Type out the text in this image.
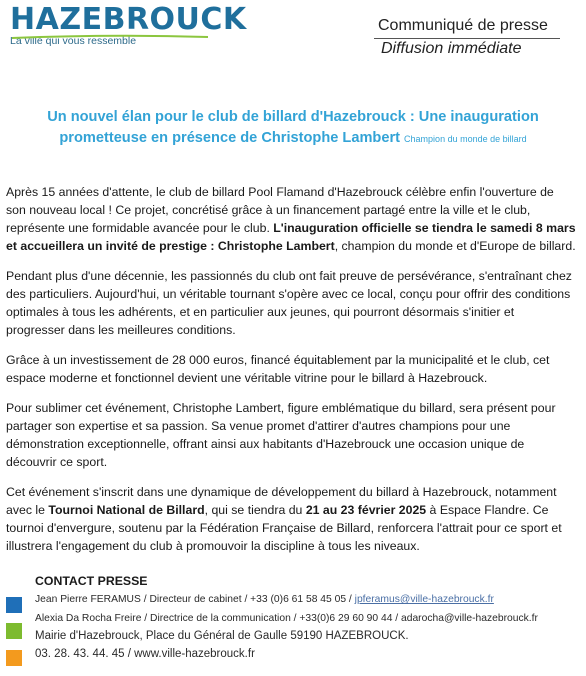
HAZEBROUCK
La ville qui vous ressemble
Communiqué de presse
Diffusion immédiate
Un nouvel élan pour le club de billard d'Hazebrouck : Une inauguration prometteuse en présence de Christophe Lambert Champion du monde de billard

Après 15 années d'attente, le club de billard Pool Flamand d'Hazebrouck célèbre enfin l'ouverture de son nouveau local ! Ce projet, concrétisé grâce à un financement partagé entre la ville et le club, représente une formidable avancée pour le club. L'inauguration officielle se tiendra le samedi 8 mars et accueillera un invité de prestige : Christophe Lambert, champion du monde et d'Europe de billard.

Pendant plus d'une décennie, les passionnés du club ont fait preuve de persévérance, s'entraînant chez des particuliers. Aujourd'hui, un véritable tournant s'opère avec ce local, conçu pour offrir des conditions optimales à tous les adhérents, et en particulier aux jeunes, qui pourront désormais s'initier et progresser dans les meilleures conditions.

Grâce à un investissement de 28 000 euros, financé équitablement par la municipalité et le club, cet espace moderne et fonctionnel devient une véritable vitrine pour le billard à Hazebrouck.

Pour sublimer cet événement, Christophe Lambert, figure emblématique du billard, sera présent pour partager son expertise et sa passion. Sa venue promet d'attirer d'autres champions pour une démonstration exceptionnelle, offrant ainsi aux habitants d'Hazebrouck une occasion unique de découvrir ce sport.

Cet événement s'inscrit dans une dynamique de développement du billard à Hazebrouck, notamment avec le Tournoi National de Billard, qui se tiendra du 21 au 23 février 2025 à Espace Flandre. Ce tournoi d'envergure, soutenu par la Fédération Française de Billard, renforcera l'attrait pour ce sport et illustrera l'engagement du club à promouvoir la discipline à tous les niveaux.

CONTACT PRESSE
Jean Pierre FERAMUS / Directeur de cabinet / +33 (0)6 61 58 45 05 / jpferamus@ville-hazebrouck.fr
Alexia Da Rocha Freire / Directrice de la communication / +33(0)6 29 60 90 44 / adarocha@ville-hazebrouck.fr
Mairie d'Hazebrouck, Place du Général de Gaulle 59190 HAZEBROUCK.
03. 28. 43. 44. 45 / www.ville-hazebrouck.fr
